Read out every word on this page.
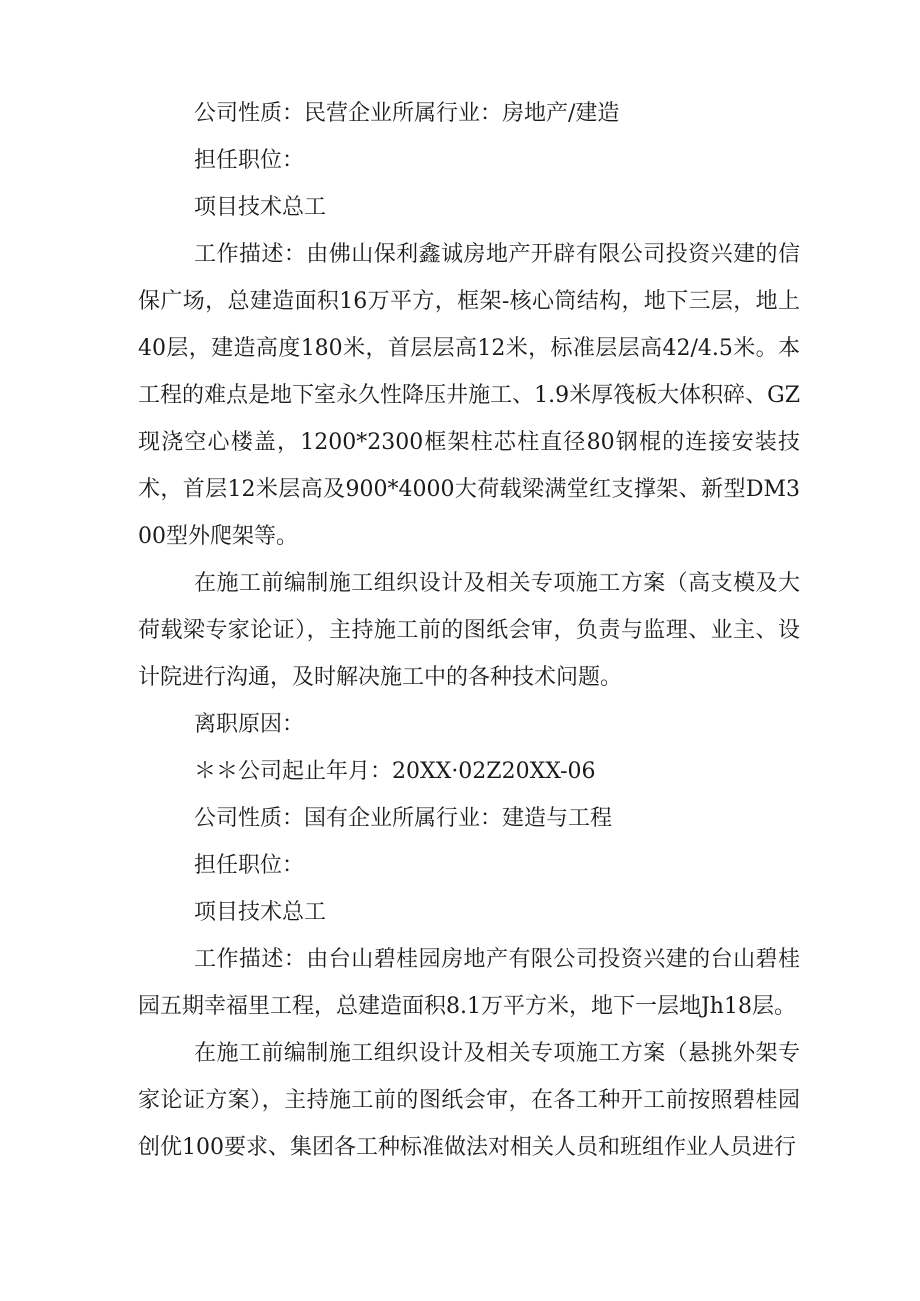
公司性质：民营企业所属行业：房地产/建造

担任职位：

项目技术总工

工作描述：由佛山保利鑫诚房地产开辟有限公司投资兴建的信保广场，总建造面积16万平方，框架-核心筒结构，地下三层，地上40层，建造高度180米，首层层高12米，标准层层高42/4.5米。本工程的难点是地下室永久性降压井施工、1.9米厚筏板大体积碎、GZ现浇空心楼盖，1200*2300框架柱芯柱直径80钢棍的连接安装技术，首层12米层高及900*4000大荷载梁满堂红支撑架、新型DM300型外爬架等。

在施工前编制施工组织设计及相关专项施工方案（高支模及大荷载梁专家论证），主持施工前的图纸会审，负责与监理、业主、设计院进行沟通，及时解决施工中的各种技术问题。

离职原因：

＊＊公司起止年月：20XX·02Z20XX-06

公司性质：国有企业所属行业：建造与工程

担任职位：

项目技术总工

工作描述：由台山碧桂园房地产有限公司投资兴建的台山碧桂园五期幸福里工程，总建造面积8.1万平方米，地下一层地Jh18层。

在施工前编制施工组织设计及相关专项施工方案（悬挑外架专家论证方案），主持施工前的图纸会审，在各工种开工前按照碧桂园创优100要求、集团各工种标准做法对相关人员和班组作业人员进行
